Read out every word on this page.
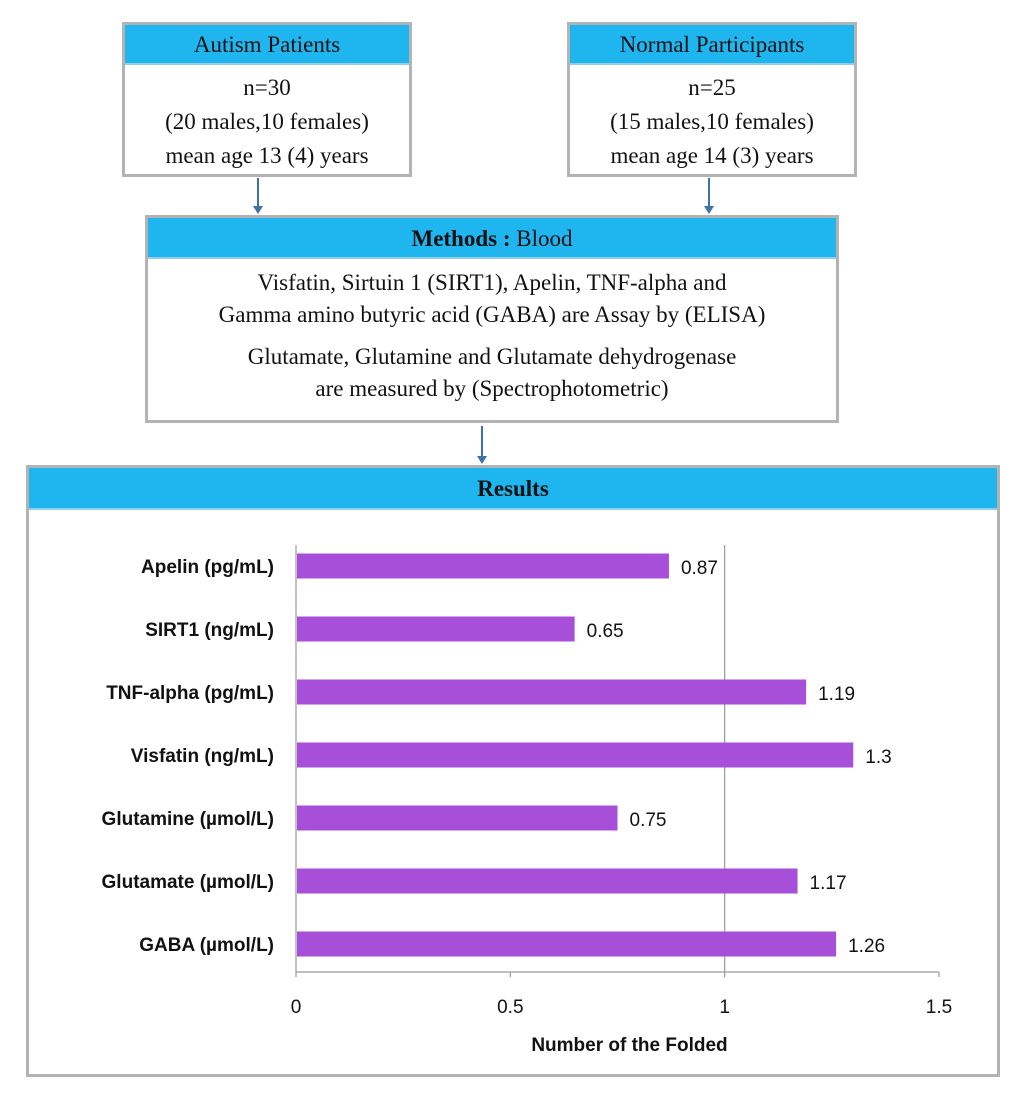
Autism Patients
n=30
(20 males,10 females)
mean age 13 (4) years
Normal Participants
n=25
(15 males,10 females)
mean age 14 (3) years
Methods : Blood
Visfatin, Sirtuin 1 (SIRT1), Apelin, TNF-alpha and
Gamma amino butyric acid (GABA) are Assay by (ELISA)
Glutamate, Glutamine and Glutamate dehydrogenase
are measured by (Spectrophotometric)
Results
0	0.5	1	1.5
Apelin (pg/mL)	0.87
SIRT1 (ng/mL)	0.65
TNF-alpha (pg/mL)	1.19
Visfatin (ng/mL)	1.3
Glutamine (µmol/L)	0.75
Glutamate (µmol/L)	1.17
GABA (µmol/L)	1.26
Number of the Folded
